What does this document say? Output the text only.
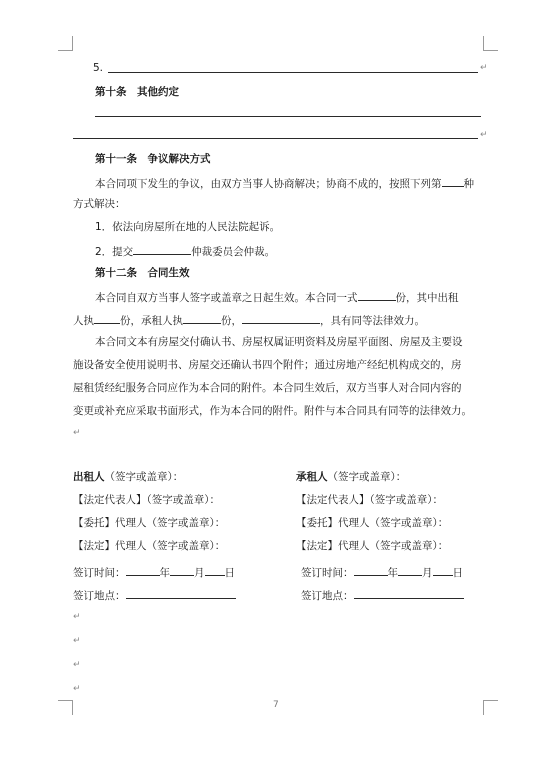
5.	↵
第十条　其他约定
↵
第十一条　争议解决方式
本合同项下发生的争议，由双方当事人协商解决；协商不成的，按照下列第 种
方式解决：
1．依法向房屋所在地的人民法院起诉。
2．提交	仲裁委员会仲裁。
第十二条　合同生效
本合同自双方当事人签字或盖章之日起生效。本合同一式	份，其中出租
人执 份，承租人执	份，	，具有同等法律效力。
本合同文本有房屋交付确认书、房屋权属证明资料及房屋平面图、房屋及主要设
施设备安全使用说明书、房屋交还确认书四个附件；通过房地产经纪机构成交的，房
屋租赁经纪服务合同应作为本合同的附件。本合同生效后，双方当事人对合同内容的
变更或补充应采取书面形式，作为本合同的附件。附件与本合同具有同等的法律效力。
↵
出租人（签字或盖章）：
【法定代表人】（签字或盖章）：
【委托】代理人（签字或盖章）：
【法定】代理人（签字或盖章）：
签订时间：	年 月 日
签订地点：
承租人（签字或盖章）：
【法定代表人】（签字或盖章）：
【委托】代理人（签字或盖章）：
【法定】代理人（签字或盖章）：
签订时间：	年 月 日
签订地点：
↵
↵
↵
↵
7
